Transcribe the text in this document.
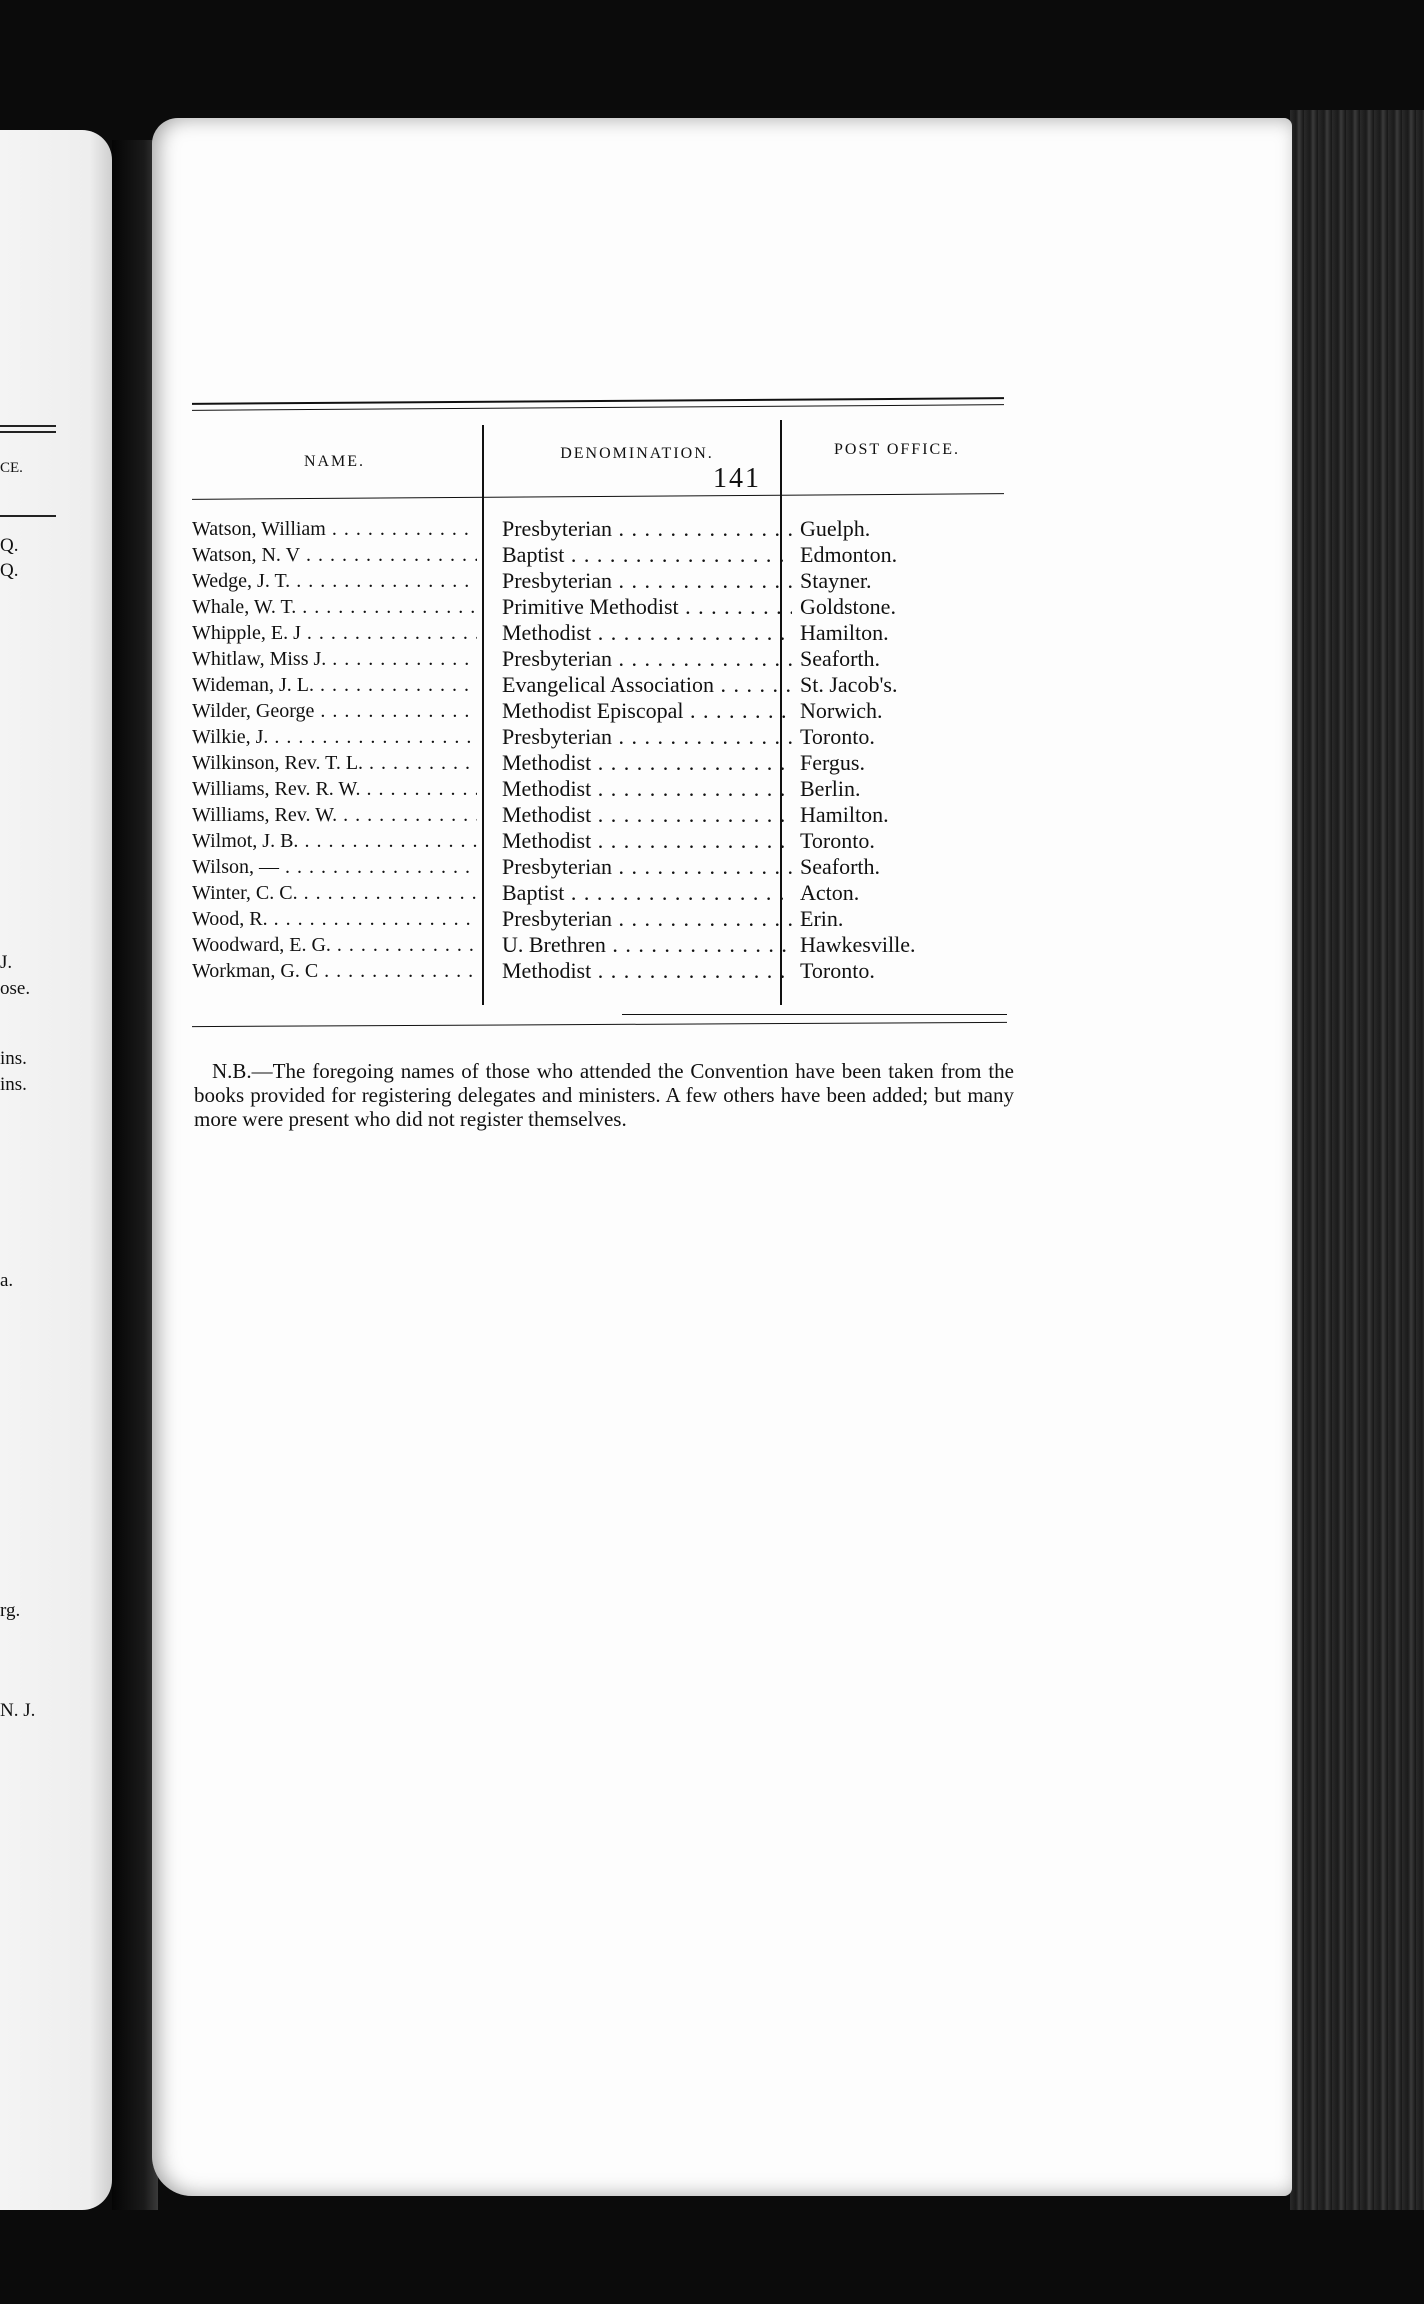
CE.
Q.
Q.
J.
ose.
ins.
ins.
a.
rg.
N. J.
141
NAME.	DENOMINATION.	POST OFFICE.
Watson, William . . .	Presbyterian . . .	Guelph.
Watson, N. V . . .	Baptist . . .	Edmonton.
Wedge, J. T. . . .	Presbyterian . . .	Stayner.
Whale, W. T. . . .	Primitive Methodist . . .	Goldstone.
Whipple, E. J . . .	Methodist . . .	Hamilton.
Whitlaw, Miss J. . . .	Presbyterian . . .	Seaforth.
Wideman, J. L. . . .	Evangelical Association . . .	St. Jacob's.
Wilder, George . . .	Methodist Episcopal . . .	Norwich.
Wilkie, J. . . .	Presbyterian . . .	Toronto.
Wilkinson, Rev. T. L. . . .	Methodist . . .	Fergus.
Williams, Rev. R. W. . . .	Methodist . . .	Berlin.
Williams, Rev. W. . . .	Methodist . . .	Hamilton.
Wilmot, J. B. . . .	Methodist . . .	Toronto.
Wilson, — . . .	Presbyterian . . .	Seaforth.
Winter, C. C. . . .	Baptist . . .	Acton.
Wood, R. . . .	Presbyterian . . .	Erin.
Woodward, E. G. . . .	U. Brethren . . .	Hawkesville.
Workman, G. C . . .	Methodist . . .	Toronto.

N.B.—The foregoing names of those who attended the Convention have been taken from the books provided for registering delegates and ministers. A few others have been added; but many more were present who did not register themselves.
